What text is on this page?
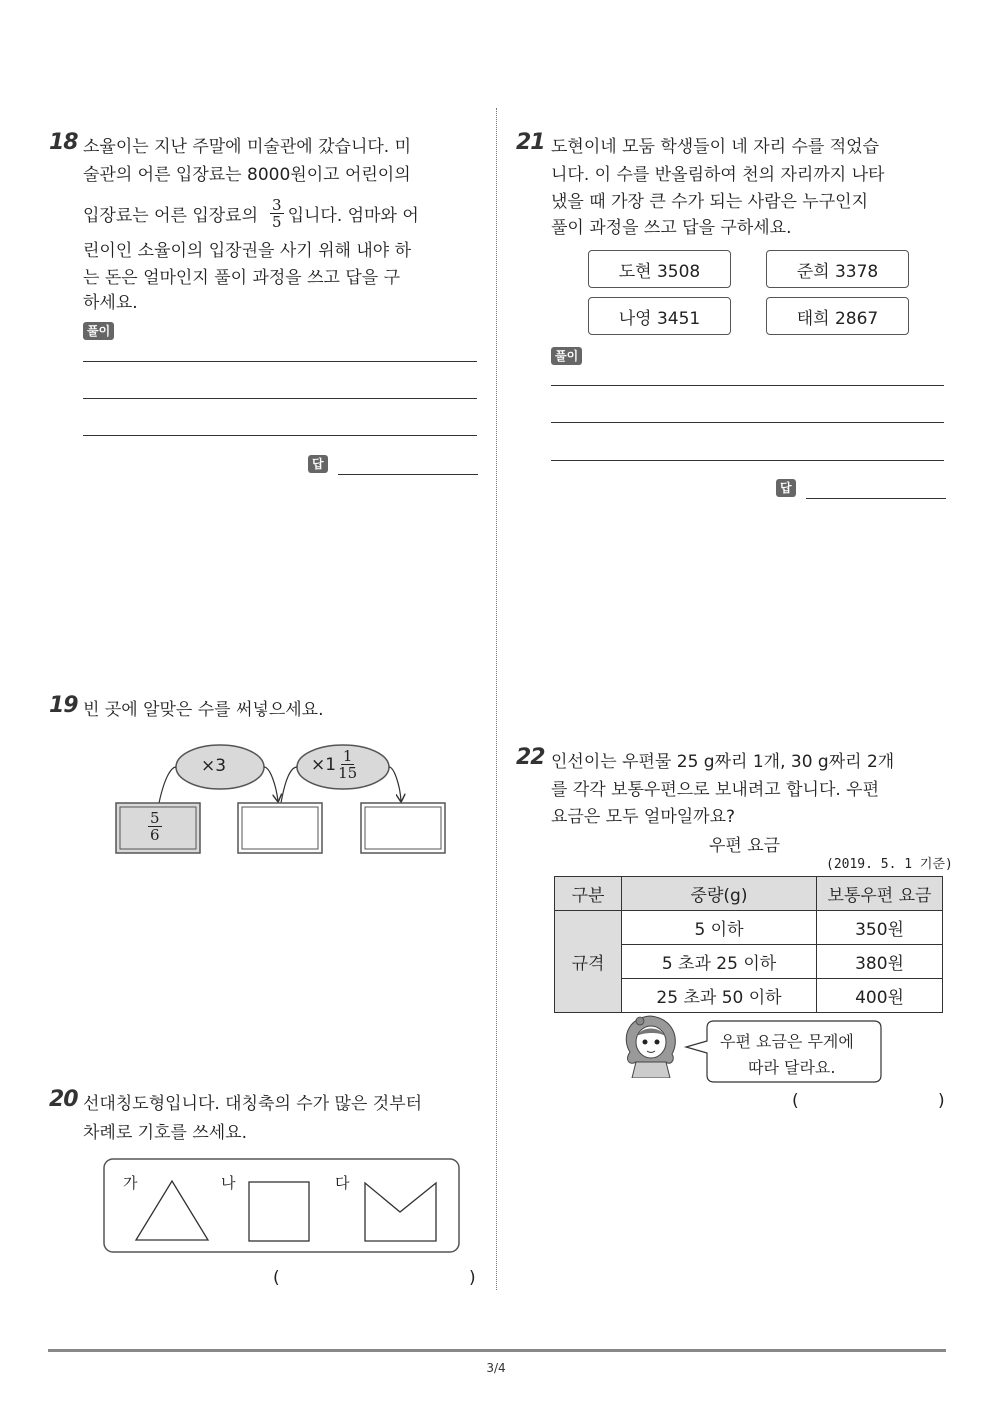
18 소율이는 지난 주말에 미술관에 갔습니다. 미
술관의 어른 입장료는 8000원이고 어린이의
입장료는 어른 입장료의 $\frac{3}{5}$ 입니다. 엄마와 어
린이인 소율이의 입장권을 사기 위해 내야 하
는 돈은 얼마인지 풀이 과정을 쓰고 답을 구
하세요.
풀이
답
19 빈 곳에 알맞은 수를 써넣으세요.
×3	$\times 1 \frac{1}{15}$
$\frac{5}{6}$
20 선대칭도형입니다. 대칭축의 수가 많은 것부터
차례로 기호를 쓰세요.
가	나	다
(	)
21 도현이네 모둠 학생들이 네 자리 수를 적었습
니다. 이 수를 반올림하여 천의 자리까지 나타
냈을 때 가장 큰 수가 되는 사람은 누구인지
풀이 과정을 쓰고 답을 구하세요.
도현 3508	준희 3378
나영 3451	태희 2867
풀이
답
22 인선이는 우편물 25 g짜리 1개, 30 g짜리 2개
를 각각 보통우편으로 보내려고 합니다. 우편
요금은 모두 얼마일까요?
우편 요금
(2019. 5. 1 기준)
구분	중량(g)	보통우편 요금
규격	5 이하	350원
	5 초과 25 이하	380원
	25 초과 50 이하	400원
우편 요금은 무게에
따라 달라요.
(	)
3/4
